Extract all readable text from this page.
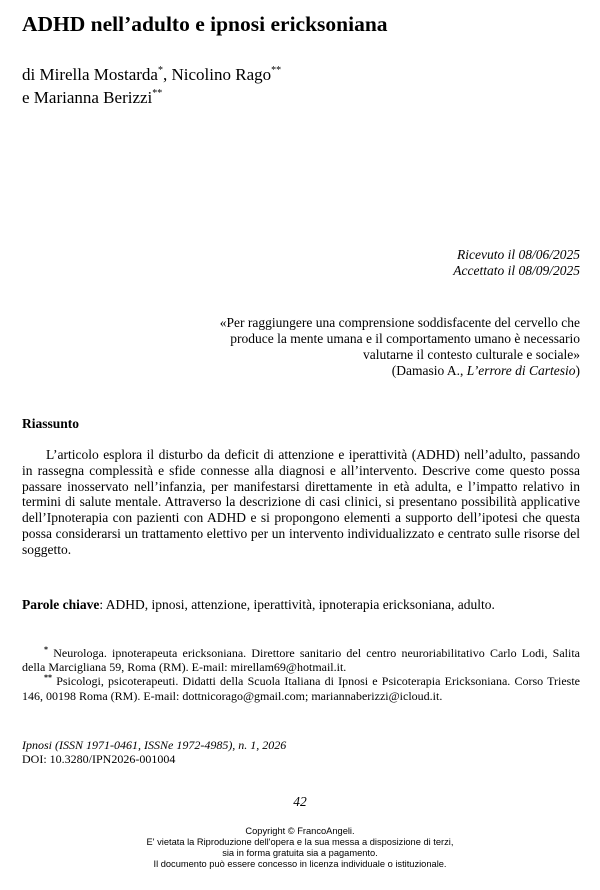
ADHD nell’adulto e ipnosi ericksoniana
di Mirella Mostarda*, Nicolino Rago**
e Marianna Berizzi**
Ricevuto il 08/06/2025
Accettato il 08/09/2025
«Per raggiungere una comprensione soddisfacente del cervello che produce la mente umana e il comportamento umano è necessario valutarne il contesto culturale e sociale»
(Damasio A., L’errore di Cartesio)
Riassunto

L’articolo esplora il disturbo da deficit di attenzione e iperattività (ADHD) nell’adulto, passando in rassegna complessità e sfide connesse alla diagnosi e all’intervento. Descrive come questo possa passare inosservato nell’infanzia, per manifestarsi direttamente in età adulta, e l’impatto relativo in termini di salute mentale. Attraverso la descrizione di casi clinici, si presentano possibilità applicative dell’Ipnoterapia con pazienti con ADHD e si propongono elementi a supporto dell’ipotesi che questa possa considerarsi un trattamento elettivo per un intervento individualizzato e centrato sulle risorse del soggetto.

Parole chiave: ADHD, ipnosi, attenzione, iperattività, ipnoterapia ericksoniana, adulto.

* Neurologa. ipnoterapeuta ericksoniana. Direttore sanitario del centro neuroriabilitativo Carlo Lodi, Salita della Marcigliana 59, Roma (RM). E-mail: mirellam69@hotmail.it.

** Psicologi, psicoterapeuti. Didatti della Scuola Italiana di Ipnosi e Psicoterapia Ericksoniana. Corso Trieste 146, 00198 Roma (RM). E-mail: dottnicorago@gmail.com; mariannaberizzi@icloud.it.

Ipnosi (ISSN 1971-0461, ISSNe 1972-4985), n. 1, 2026
DOI: 10.3280/IPN2026-001004
42
Copyright © FrancoAngeli.
E' vietata la Riproduzione dell'opera e la sua messa a disposizione di terzi,
sia in forma gratuita sia a pagamento.
Il documento può essere concesso in licenza individuale o istituzionale.
